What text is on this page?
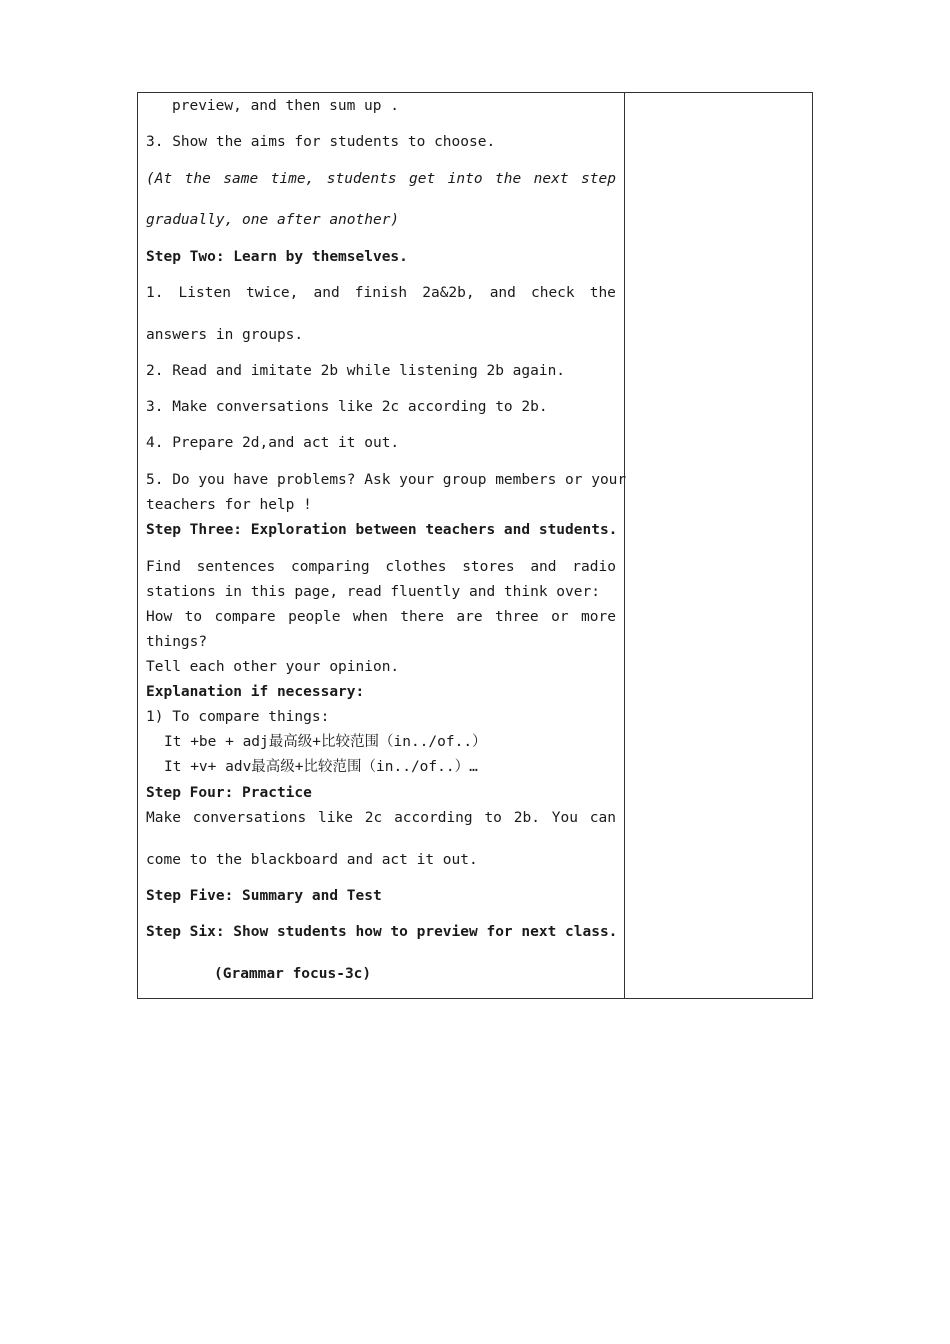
preview, and then sum up .
3. Show the aims for students to choose.
(At the same time, students get into the next step
gradually, one after another)
Step Two: Learn by themselves.
1. Listen twice, and finish 2a&2b, and check the
answers in groups.
2. Read and imitate 2b while listening 2b again.
3. Make conversations like 2c according to 2b.
4. Prepare 2d,and act it out.
5. Do you have problems? Ask your group members or your
teachers for help !
Step Three: Exploration between teachers and students.
Find sentences comparing clothes stores and radio
stations in this page, read fluently and think over:
How to compare people when there are three or more
things?
Tell each other your opinion.
Explanation if necessary:
1) To compare things:
It +be + adj最高级+比较范围（in../of..）
It +v+ adv最高级+比较范围（in../of..）…
Step Four: Practice
Make conversations like 2c according to 2b. You can
come to the blackboard and act it out.
Step Five: Summary and Test
Step Six: Show students how to preview for next class.
(Grammar focus-3c)
